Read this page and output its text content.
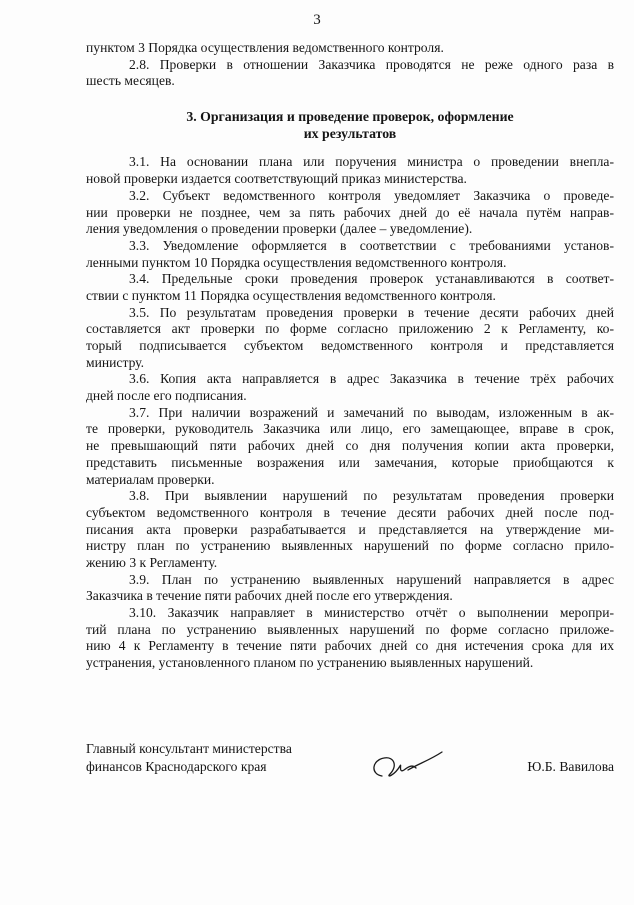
3
пунктом 3 Порядка осуществления ведомственного контроля.
2.8. Проверки в отношении Заказчика проводятся не реже одного раза в
шесть месяцев.
3. Организация и проведение проверок, оформление
их результатов
3.1. На основании плана или поручения министра о проведении внепла-
новой проверки издается соответствующий приказ министерства.
3.2. Субъект ведомственного контроля уведомляет Заказчика о проведе-
нии проверки не позднее, чем за пять рабочих дней до её начала путём направ-
ления уведомления о проведении проверки (далее – уведомление).
3.3. Уведомление оформляется в соответствии с требованиями установ-
ленными пунктом 10 Порядка осуществления ведомственного контроля.
3.4. Предельные сроки проведения проверок устанавливаются в соответ-
ствии с пунктом 11 Порядка осуществления ведомственного контроля.
3.5. По результатам проведения проверки в течение десяти рабочих дней
составляется акт проверки по форме согласно приложению 2 к Регламенту, ко-
торый подписывается субъектом ведомственного контроля и представляется
министру.
3.6. Копия акта направляется в адрес Заказчика в течение трёх рабочих
дней после его подписания.
3.7. При наличии возражений и замечаний по выводам, изложенным в ак-
те проверки, руководитель Заказчика или лицо, его замещающее, вправе в срок,
не превышающий пяти рабочих дней со дня получения копии акта проверки,
представить письменные возражения или замечания, которые приобщаются к
материалам проверки.
3.8. При выявлении нарушений по результатам проведения проверки
субъектом ведомственного контроля в течение десяти рабочих дней после под-
писания акта проверки разрабатывается и представляется на утверждение ми-
нистру план по устранению выявленных нарушений по форме согласно прило-
жению 3 к Регламенту.
3.9. План по устранению выявленных нарушений направляется в адрес
Заказчика в течение пяти рабочих дней после его утверждения.
3.10. Заказчик направляет в министерство отчёт о выполнении меропри-
тий плана по устранению выявленных нарушений по форме согласно приложе-
нию 4 к Регламенту в течение пяти рабочих дней со дня истечения срока для их
устранения, установленного планом по устранению выявленных нарушений.
Главный консультант министерства
финансов Краснодарского края	Ю.Б. Вавилова
